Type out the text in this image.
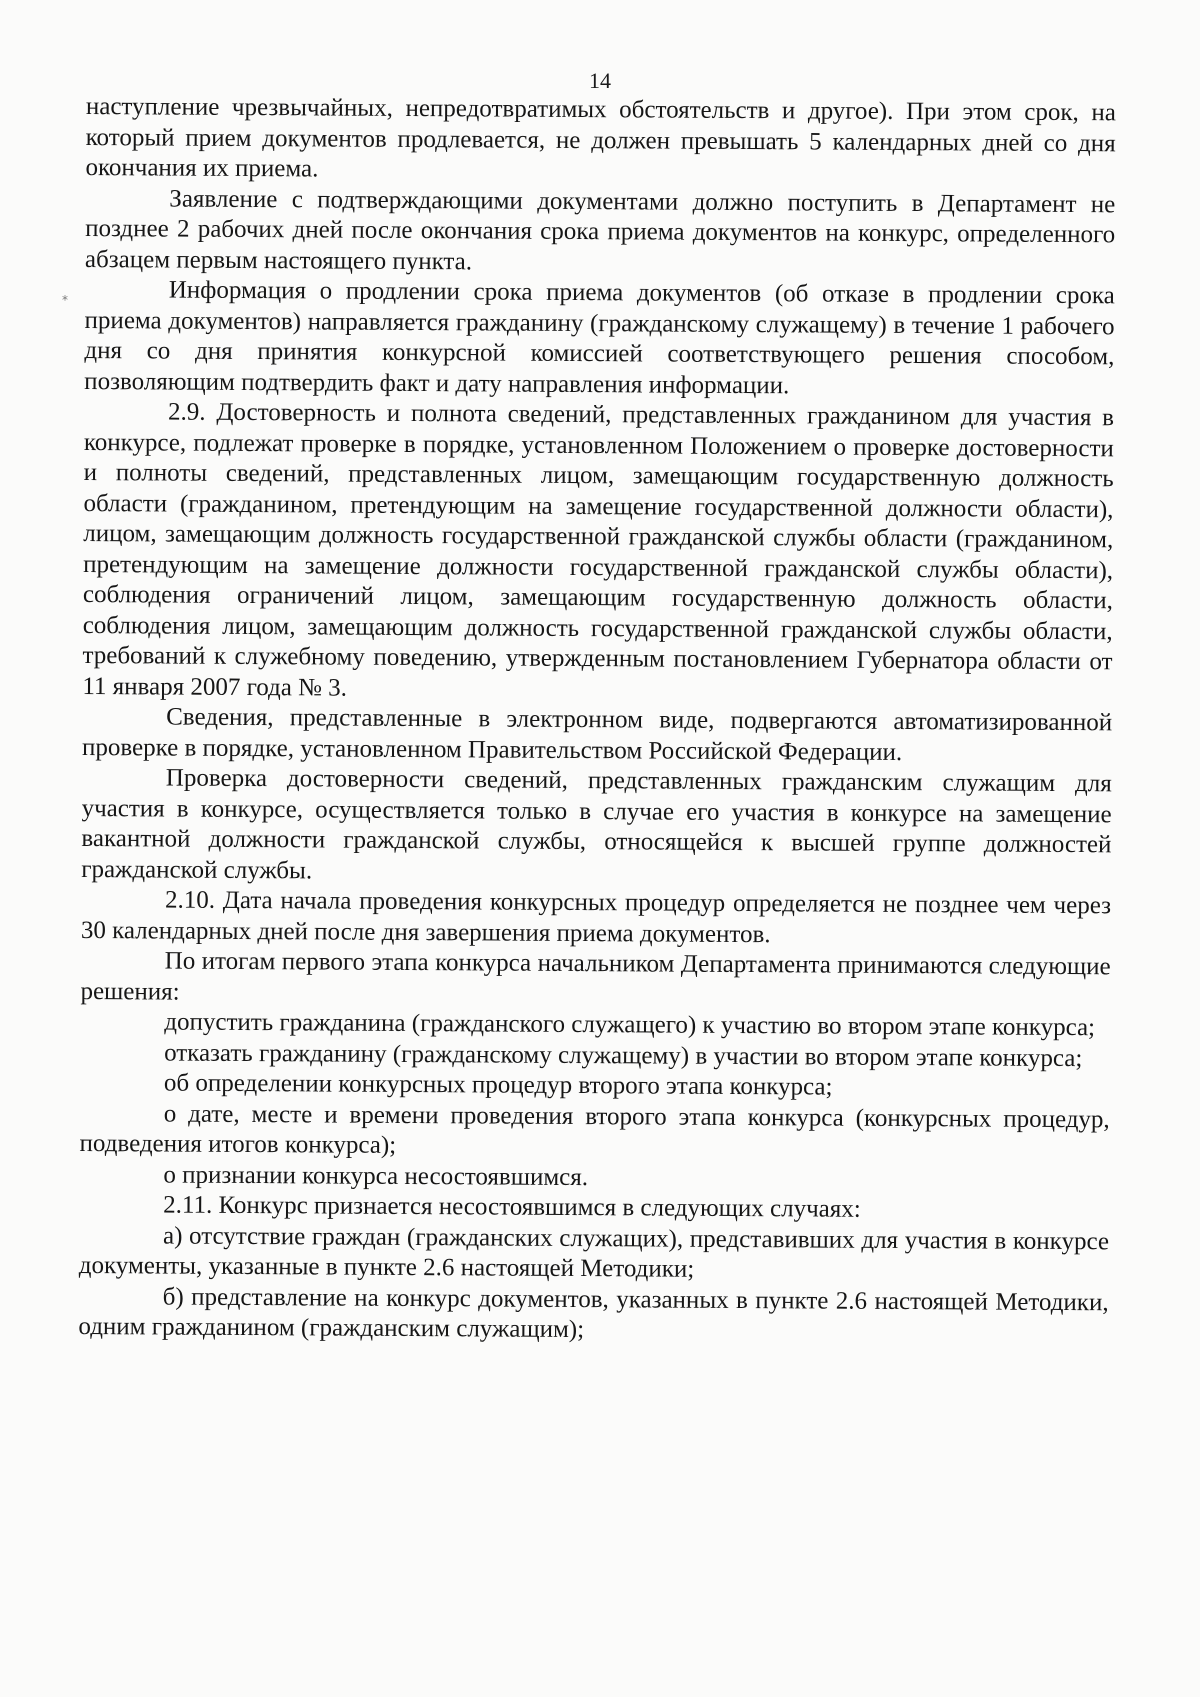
14
*

наступление чрезвычайных, непредотвратимых обстоятельств и другое). При этом срок, на который прием документов продлевается, не должен превышать 5 календарных дней со дня окончания их приема.

Заявление с подтверждающими документами должно поступить в Департамент не позднее 2 рабочих дней после окончания срока приема документов на конкурс, определенного абзацем первым настоящего пункта.

Информация о продлении срока приема документов (об отказе в продлении срока приема документов) направляется гражданину (гражданскому служащему) в течение 1 рабочего дня со дня принятия конкурсной комиссией соответствующего решения способом, позволяющим подтвердить факт и дату направления информации.

2.9. Достоверность и полнота сведений, представленных гражданином для участия в конкурсе, подлежат проверке в порядке, установленном Положением о проверке достоверности и полноты сведений, представленных лицом, замещающим государственную должность области (гражданином, претендующим на замещение государственной должности области), лицом, замещающим должность государственной гражданской службы области (гражданином, претендующим на замещение должности государственной гражданской службы области), соблюдения ограничений лицом, замещающим государственную должность области, соблюдения лицом, замещающим должность государственной гражданской службы области, требований к служебному поведению, утвержденным постановлением Губернатора области от 11 января 2007 года № 3.

Сведения, представленные в электронном виде, подвергаются автоматизированной проверке в порядке, установленном Правительством Российской Федерации.

Проверка достоверности сведений, представленных гражданским служащим для участия в конкурсе, осуществляется только в случае его участия в конкурсе на замещение вакантной должности гражданской службы, относящейся к высшей группе должностей гражданской службы.

2.10. Дата начала проведения конкурсных процедур определяется не позднее чем через 30 календарных дней после дня завершения приема документов.

По итогам первого этапа конкурса начальником Департамента принимаются следующие решения:

допустить гражданина (гражданского служащего) к участию во втором этапе конкурса;

отказать гражданину (гражданскому служащему) в участии во втором этапе конкурса;

об определении конкурсных процедур второго этапа конкурса;

о дате, месте и времени проведения второго этапа конкурса (конкурсных процедур, подведения итогов конкурса);

о признании конкурса несостоявшимся.

2.11. Конкурс признается несостоявшимся в следующих случаях:

а) отсутствие граждан (гражданских служащих), представивших для участия в конкурсе документы, указанные в пункте 2.6 настоящей Методики;

б) представление на конкурс документов, указанных в пункте 2.6 настоящей Методики, одним гражданином (гражданским служащим);
